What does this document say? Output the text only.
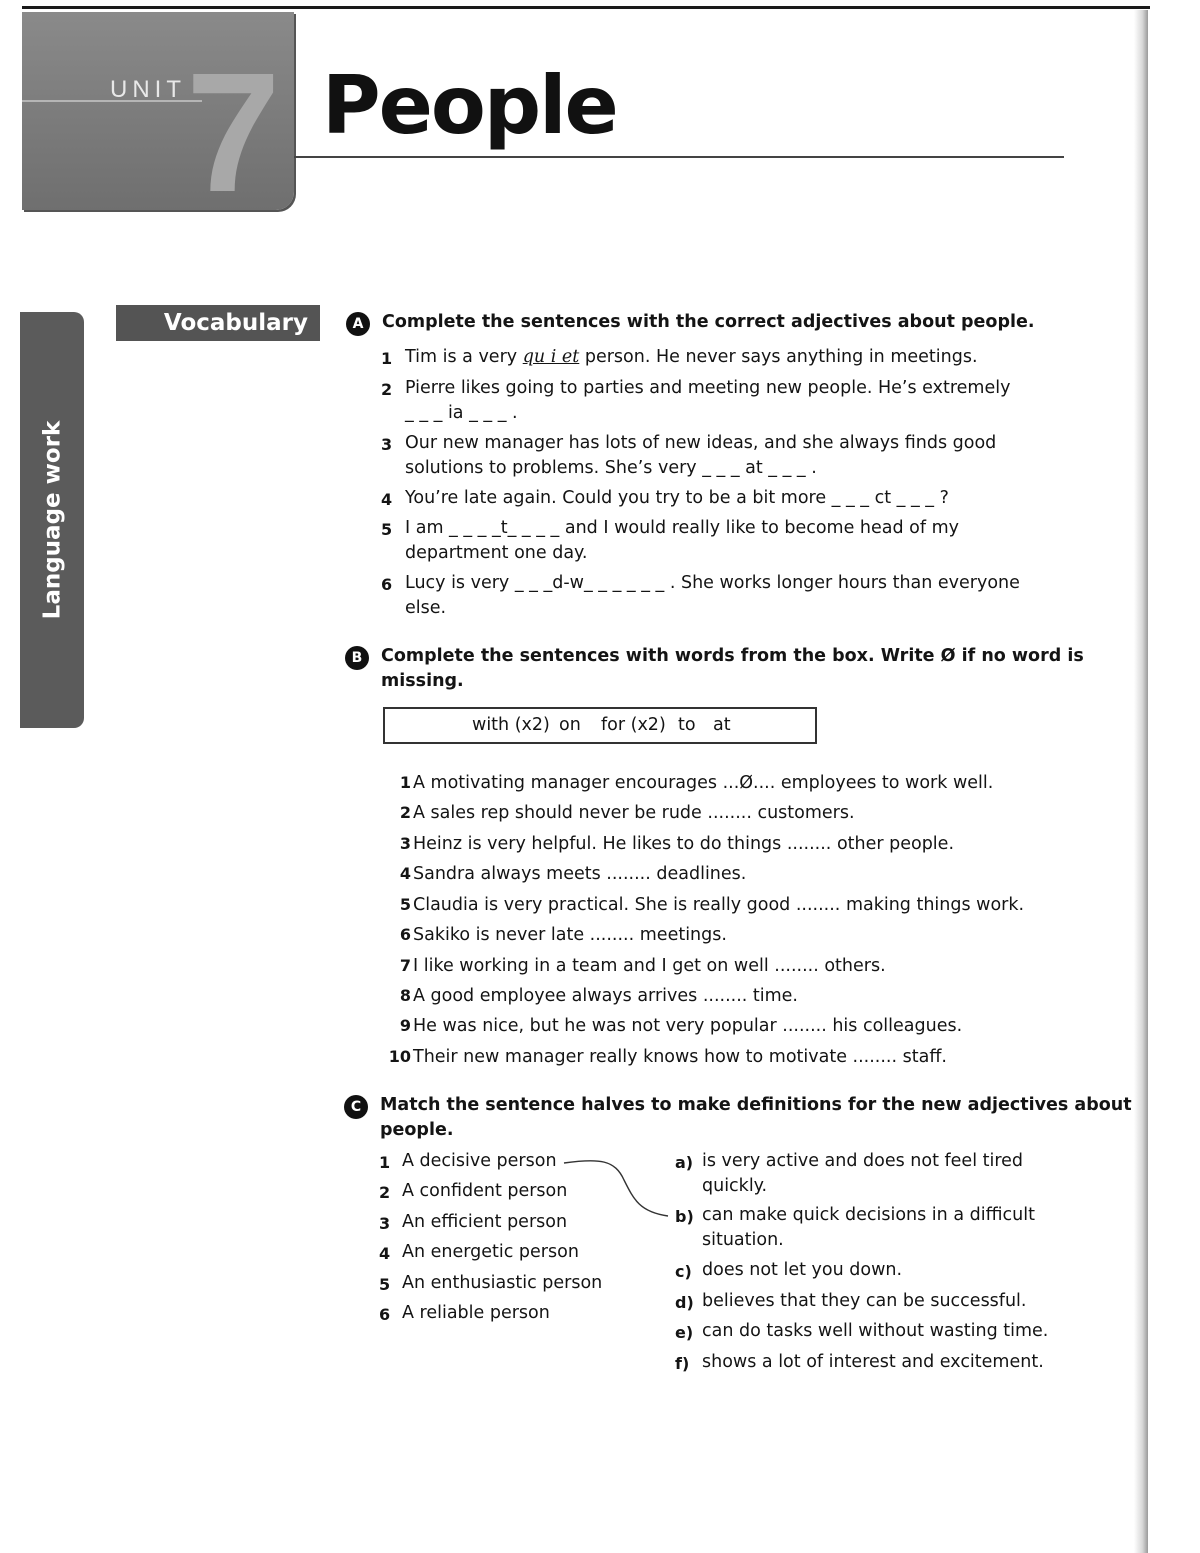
UNIT 7 People
Language work
Vocabulary	A	Complete the sentences with the correct adjectives about people.
1 Tim is a very qu i et person. He never says anything in meetings.
2 Pierre likes going to parties and meeting new people. He’s extremely
_ _ _ ia _ _ _ .
3 Our new manager has lots of new ideas, and she always finds good
solutions to problems. She’s very _ _ _ at _ _ _ .
4 You’re late again. Could you try to be a bit more _ _ _ ct _ _ _ ?
5 I am _ _ _ _t_ _ _ _ and I would really like to become head of my
department one day.
6 Lucy is very _ _ _d-w_ _ _ _ _ _ . She works longer hours than everyone
else.
B	Complete the sentences with words from the box. Write Ø if no word is
missing.
with (x2) on for (x2) to at
1 A motivating manager encourages ...Ø.... employees to work well.
2 A sales rep should never be rude ........ customers.
3 Heinz is very helpful. He likes to do things ........ other people.
4 Sandra always meets ........ deadlines.
5 Claudia is very practical. She is really good ........ making things work.
6 Sakiko is never late ........ meetings.
7 I like working in a team and I get on well ........ others.
8 A good employee always arrives ........ time.
9 He was nice, but he was not very popular ........ his colleagues.
10 Their new manager really knows how to motivate ........ staff.
C	Match the sentence halves to make definitions for the new adjectives about
people.
1 A decisive person
2 A confident person
3 An efficient person
4 An energetic person
5 An enthusiastic person
6 A reliable person
a) is very active and does not feel tired
quickly.
b) can make quick decisions in a difficult
situation.
c) does not let you down.
d) believes that they can be successful.
e) can do tasks well without wasting time.
f) shows a lot of interest and excitement.
